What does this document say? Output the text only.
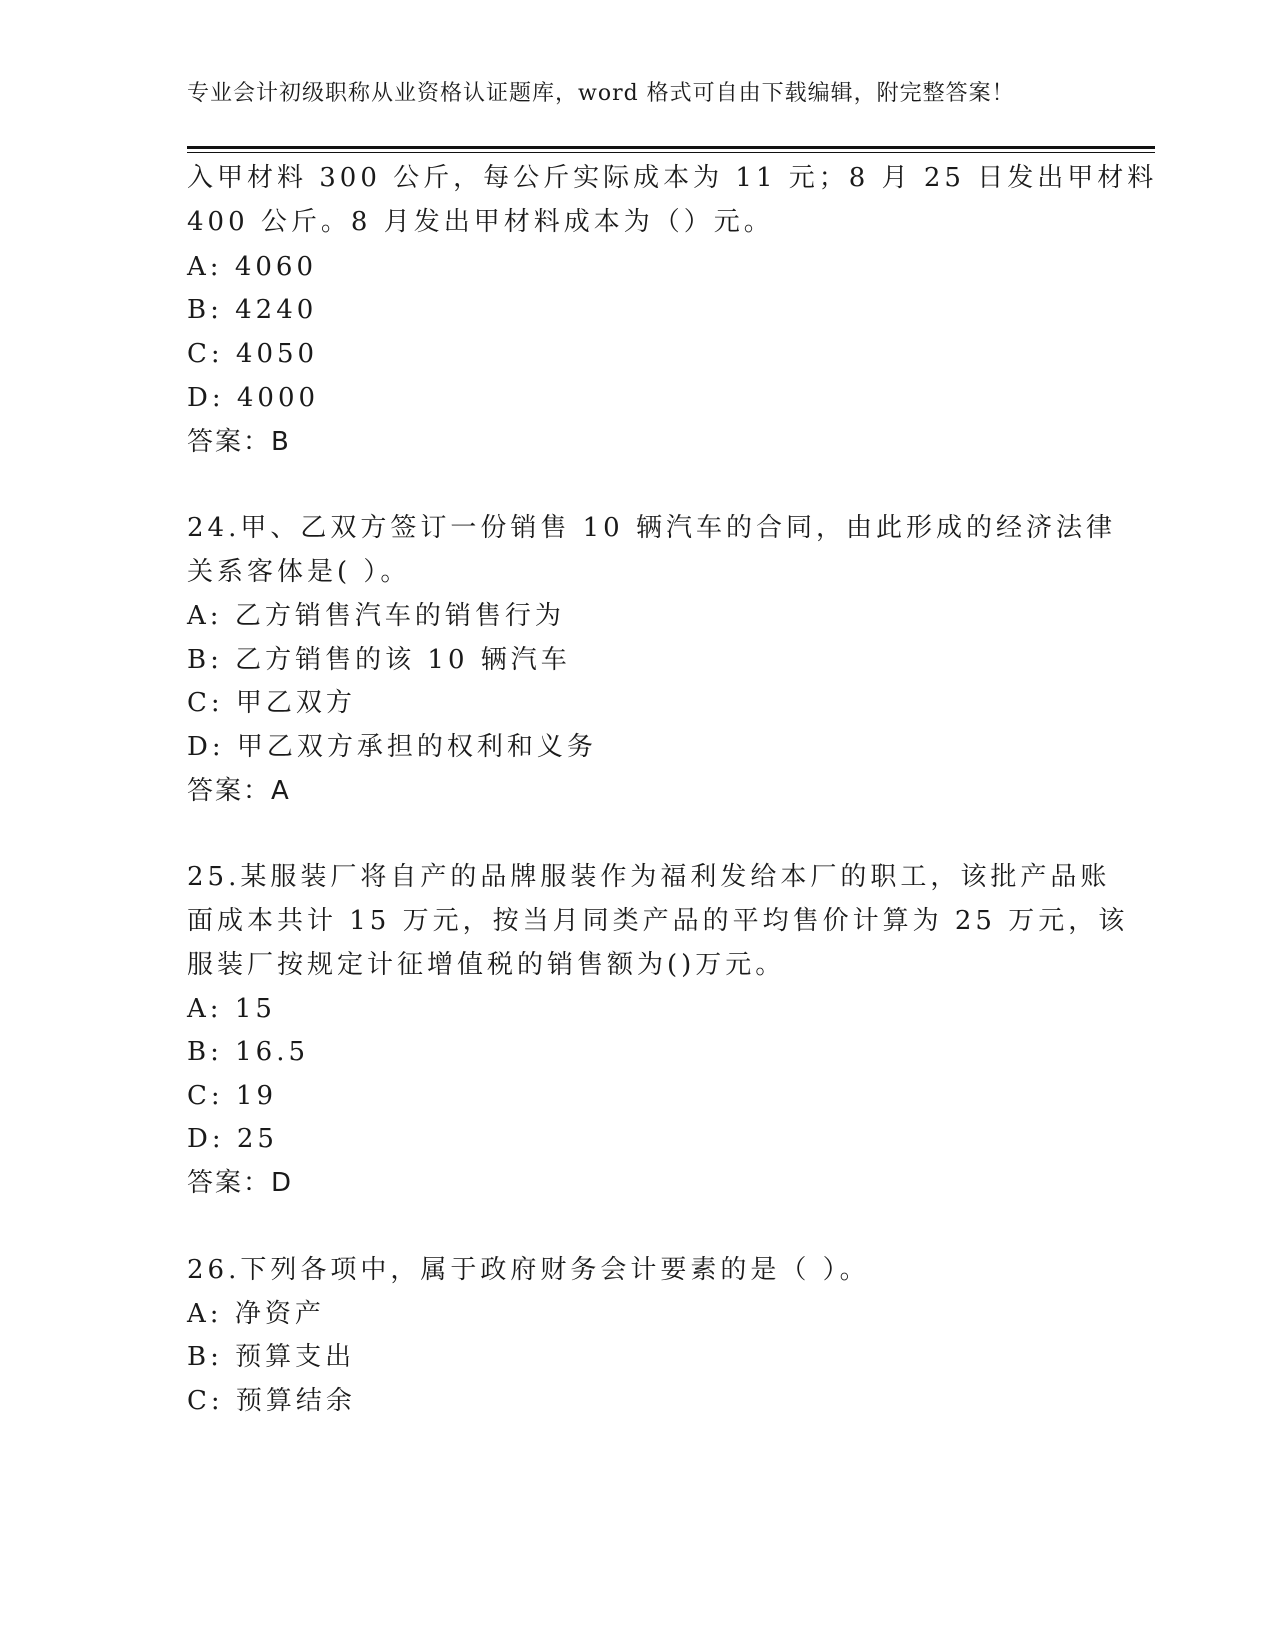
专业会计初级职称从业资格认证题库，word 格式可自由下载编辑，附完整答案！
入甲材料 300 公斤，每公斤实际成本为 11 元；8 月 25 日发出甲材料
400 公斤。8 月发出甲材料成本为（）元。
A: 4060
B: 4240
C: 4050
D: 4000
答案：B
24.甲、乙双方签订一份销售 10 辆汽车的合同，由此形成的经济法律
关系客体是( ）。
A: 乙方销售汽车的销售行为
B: 乙方销售的该 10 辆汽车
C: 甲乙双方
D: 甲乙双方承担的权利和义务
答案：A
25.某服装厂将自产的品牌服装作为福利发给本厂的职工，该批产品账
面成本共计 15 万元，按当月同类产品的平均售价计算为 25 万元，该
服装厂按规定计征增值税的销售额为()万元。
A: 15
B: 16.5
C: 19
D: 25
答案：D
26.下列各项中，属于政府财务会计要素的是（ ）。
A: 净资产
B: 预算支出
C: 预算结余
